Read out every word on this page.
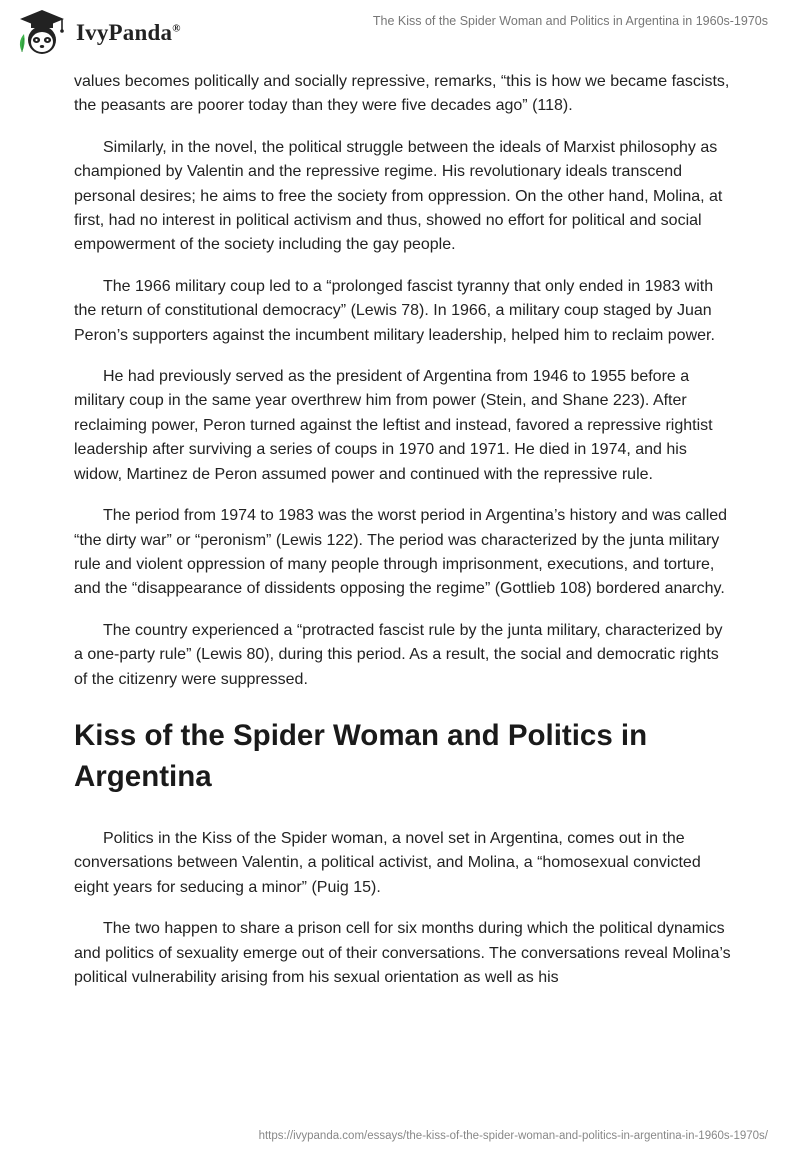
IvyPanda®
The Kiss of the Spider Woman and Politics in Argentina in 1960s-1970s

values becomes politically and socially repressive, remarks, “this is how we became fascists, the peasants are poorer today than they were five decades ago” (118).

Similarly, in the novel, the political struggle between the ideals of Marxist philosophy as championed by Valentin and the repressive regime. His revolutionary ideals transcend personal desires; he aims to free the society from oppression. On the other hand, Molina, at first, had no interest in political activism and thus, showed no effort for political and social empowerment of the society including the gay people.

The 1966 military coup led to a “prolonged fascist tyranny that only ended in 1983 with the return of constitutional democracy” (Lewis 78). In 1966, a military coup staged by Juan Peron’s supporters against the incumbent military leadership, helped him to reclaim power.

He had previously served as the president of Argentina from 1946 to 1955 before a military coup in the same year overthrew him from power (Stein, and Shane 223). After reclaiming power, Peron turned against the leftist and instead, favored a repressive rightist leadership after surviving a series of coups in 1970 and 1971. He died in 1974, and his widow, Martinez de Peron assumed power and continued with the repressive rule.

The period from 1974 to 1983 was the worst period in Argentina’s history and was called “the dirty war” or “peronism” (Lewis 122). The period was characterized by the junta military rule and violent oppression of many people through imprisonment, executions, and torture, and the “disappearance of dissidents opposing the regime” (Gottlieb 108) bordered anarchy.

The country experienced a “protracted fascist rule by the junta military, characterized by a one-party rule” (Lewis 80), during this period. As a result, the social and democratic rights of the citizenry were suppressed.

Kiss of the Spider Woman and Politics in Argentina

Politics in the Kiss of the Spider woman, a novel set in Argentina, comes out in the conversations between Valentin, a political activist, and Molina, a “homosexual convicted eight years for seducing a minor” (Puig 15).

The two happen to share a prison cell for six months during which the political dynamics and politics of sexuality emerge out of their conversations. The conversations reveal Molina’s political vulnerability arising from his sexual orientation as well as his

https://ivypanda.com/essays/the-kiss-of-the-spider-woman-and-politics-in-argentina-in-1960s-1970s/
